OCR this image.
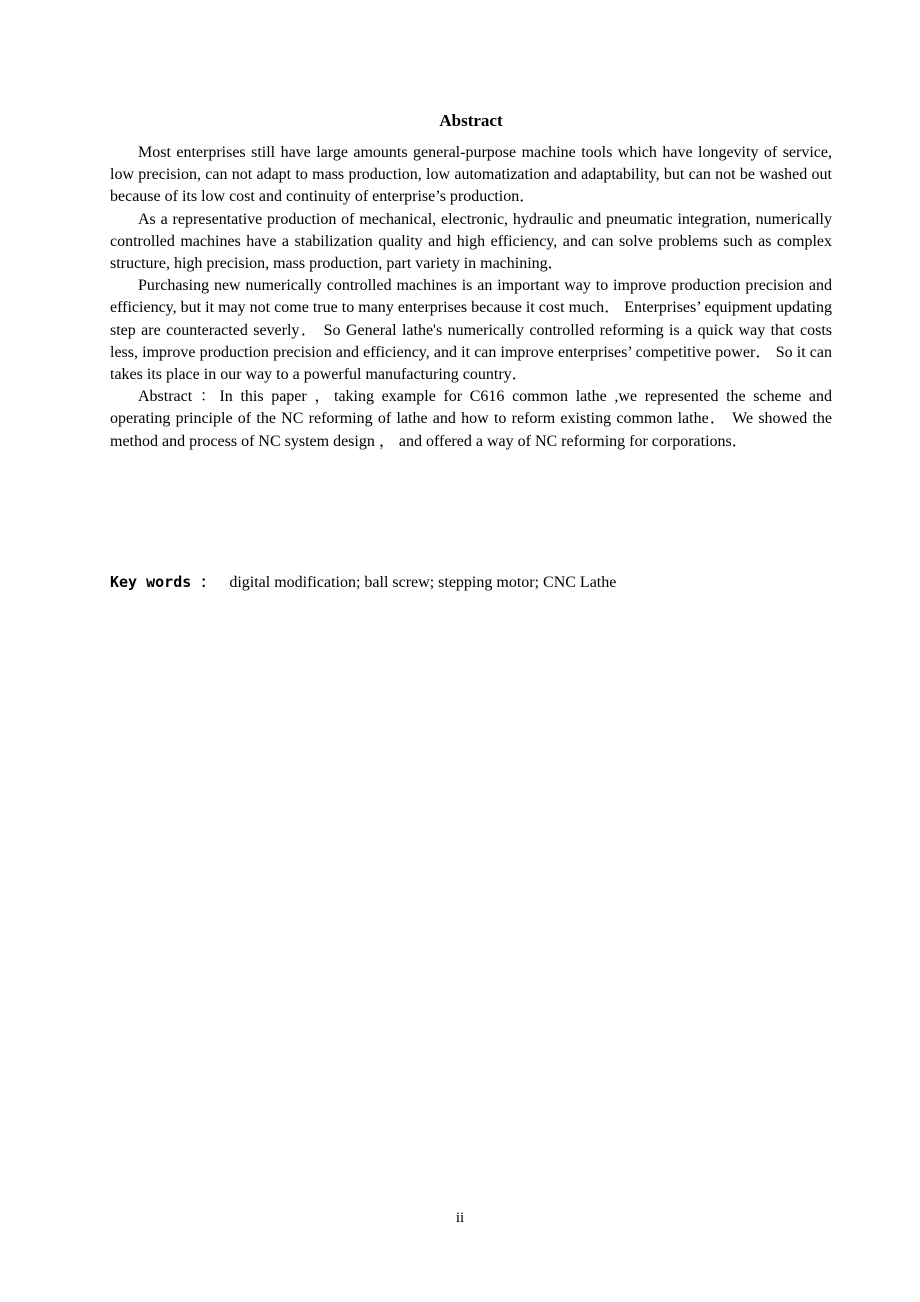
Abstract

Most enterprises still have large amounts general-purpose machine tools which have longevity of service, low precision, can not adapt to mass production, low automatization and adaptability, but can not be washed out because of its low cost and continuity of enterprise’s production．

As a representative production of mechanical, electronic, hydraulic and pneumatic integration, numerically controlled machines have a stabilization quality and high efficiency, and can solve problems such as complex structure, high precision, mass production, part variety in machining．

Purchasing new numerically controlled machines is an important way to improve production precision and efficiency, but it may not come true to many enterprises because it cost much． Enterprises’ equipment updating step are counteracted severly． So General lathe's numerically controlled reforming is a quick way that costs less, improve production precision and efficiency, and it can improve enterprises’ competitive power． So it can takes its place in our way to a powerful manufacturing country．

Abstract ：In this paper ，taking example for C616 common lathe ,we represented the scheme and operating principle of the NC reforming of lathe and how to reform existing common lathe． We showed the method and process of NC system design ， and offered a way of NC reforming for corporations．

Key words ： digital modification; ball screw; stepping motor; CNC Lathe
ii
